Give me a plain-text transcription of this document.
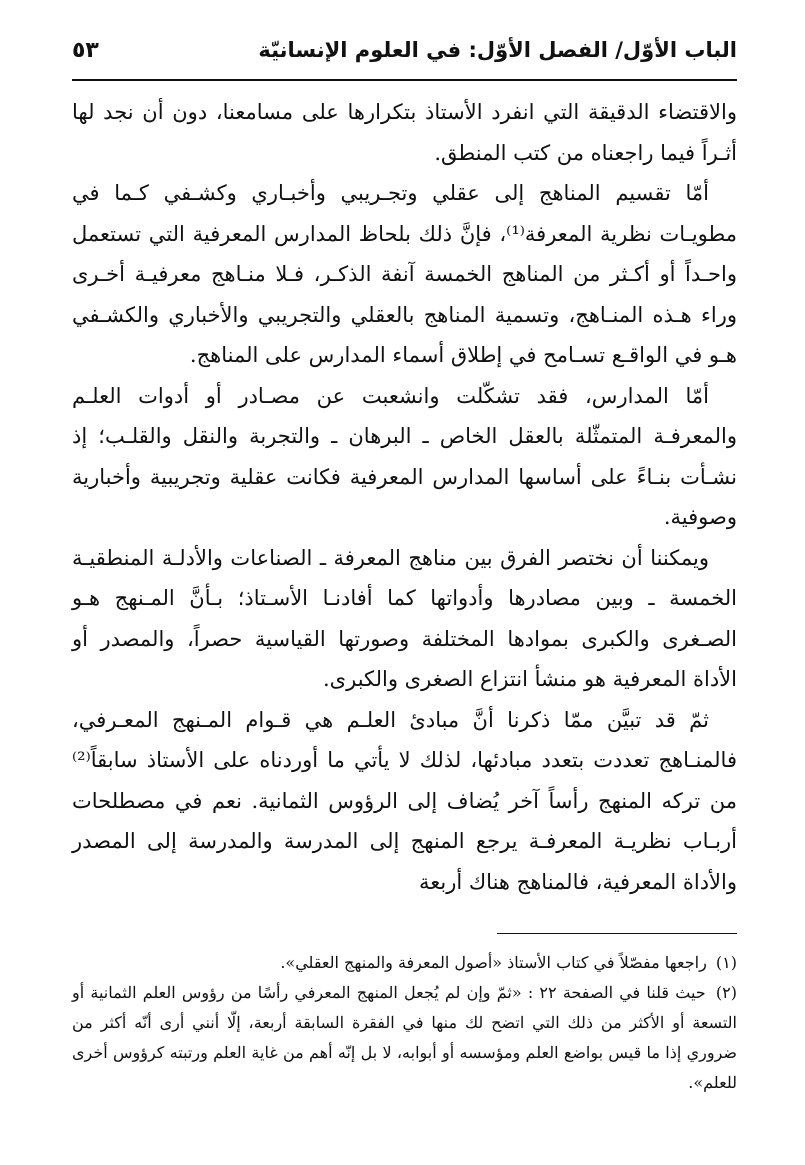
الباب الأوّل/ الفصل الأوّل: في العلوم الإنسانيّة
٥٣

والاقتضاء الدقيقة التي انفرد الأستاذ بتكرارها على مسامعنا، دون أن نجد لها أثـراً فيما راجعناه من كتب المنطق.

أمّا تقسيم المناهج إلى عقلي وتجـريبي وأخبـاري وكشـفي كـما في مطويـات نظرية المعرفة⁽¹⁾، فإنَّ ذلك بلحاظ المدارس المعرفية التي تستعمل واحـداً أو أكـثر من المناهج الخمسة آنفة الذكـر، فـلا منـاهج معرفيـة أخـرى وراء هـذه المنـاهج، وتسمية المناهج بالعقلي والتجريبي والأخباري والكشـفي هـو في الواقـع تسـامح في إطلاق أسماء المدارس على المناهج.

أمّا المدارس، فقد تشكّلت وانشعبت عن مصـادر أو أدوات العلـم والمعرفـة المتمثّلة بالعقل الخاص ـ البرهان ـ والتجربة والنقل والقلـب؛ إذ نشـأت بنـاءً على أساسها المدارس المعرفية فكانت عقلية وتجريبية وأخبارية وصوفية.

ويمكننا أن نختصر الفرق بين مناهج المعرفة ـ الصناعات والأدلـة المنطقيـة الخمسة ـ وبين مصادرها وأدواتها كما أفادنـا الأسـتاذ؛ بـأنَّ المـنهج هـو الصـغرى والكبرى بموادها المختلفة وصورتها القياسية حصراً، والمصدر أو الأداة المعرفية هو منشأ انتزاع الصغرى والكبرى.

ثمّ قد تبيَّن ممّا ذكرنا أنَّ مبادئ العلـم هي قـوام المـنهج المعـرفي، فالمنـاهج تعددت بتعدد مبادئها، لذلك لا يأتي ما أوردناه على الأستاذ سابقاً⁽²⁾ من تركه المنهج رأساً آخر يُضاف إلى الرؤوس الثمانية. نعم في مصطلحات أربـاب نظريـة المعرفـة يرجع المنهج إلى المدرسة والمدرسة إلى المصدر والأداة المعرفية، فالمناهج هناك أربعة

(١) راجعها مفصّلاً في كتاب الأستاذ «أصول المعرفة والمنهج العقلي».

(٢) حيث قلنا في الصفحة ٢٢ : «ثمّ وإن لم يُجعل المنهج المعرفي رأسًا من رؤوس العلم الثمانية أو التسعة أو الأكثر من ذلك التي اتضح لك منها في الفقرة السابقة أربعة، إلّا أنني أرى أنّه أكثر من ضروري إذا ما قيس بواضع العلم ومؤسسه أو أبوابه، لا بل إنّه أهم من غاية العلم ورتبته كرؤوس أخرى للعلم».
